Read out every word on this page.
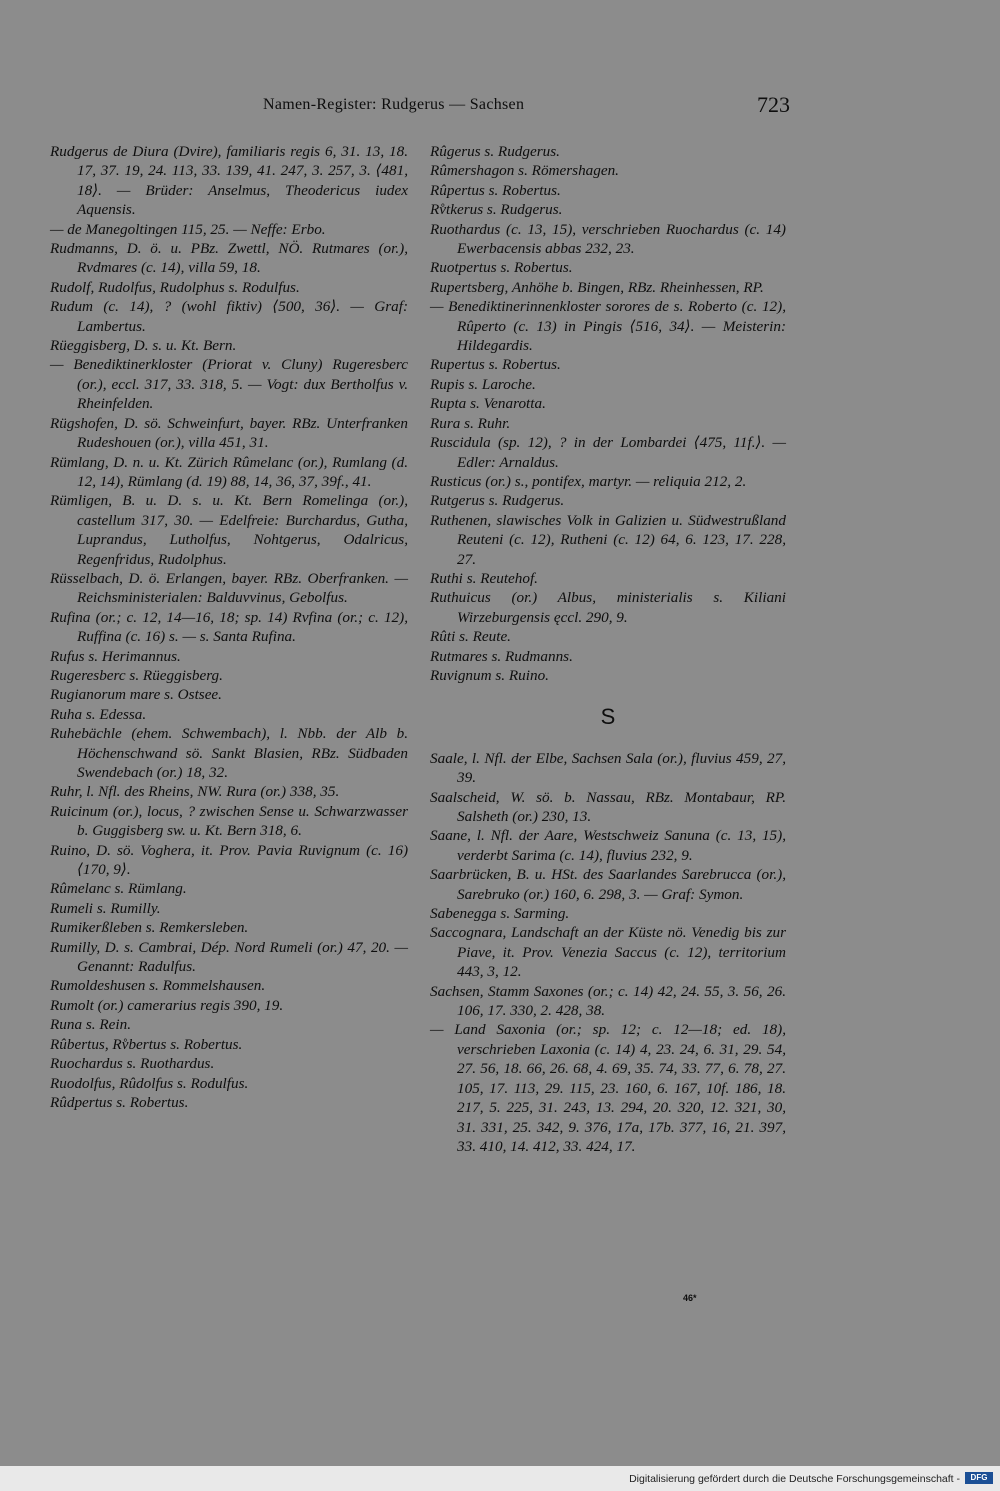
Namen-Register: Rudgerus — Sachsen	723

Rudgerus de Diura (Dvire), familiaris regis 6, 31. 13, 18. 17, 37. 19, 24. 113, 33. 139, 41. 247, 3. 257, 3. ⟨481, 18⟩. — Brüder: Anselmus, Theodericus iudex Aquensis.

— de Manegoltingen 115, 25. — Neffe: Erbo.

Rudmanns, D. ö. u. PBz. Zwettl, NÖ. Rutmares (or.), Rvdmares (c. 14), villa 59, 18.

Rudolf, Rudolfus, Rudolphus s. Rodulfus.

Rudum (c. 14), ? (wohl fiktiv) ⟨500, 36⟩. — Graf: Lambertus.

Rüeggisberg, D. s. u. Kt. Bern.

— Benediktinerkloster (Priorat v. Cluny) Rugeresberc (or.), eccl. 317, 33. 318, 5. — Vogt: dux Bertholfus v. Rheinfelden.

Rügshofen, D. sö. Schweinfurt, bayer. RBz. Unterfranken Rudeshouen (or.), villa 451, 31.

Rümlang, D. n. u. Kt. Zürich Rûmelanc (or.), Rumlang (d. 12, 14), Rümlang (d. 19) 88, 14, 36, 37, 39f., 41.

Rümligen, B. u. D. s. u. Kt. Bern Romelinga (or.), castellum 317, 30. — Edelfreie: Burchardus, Gutha, Luprandus, Lutholfus, Nohtgerus, Odalricus, Regenfridus, Rudolphus.

Rüsselbach, D. ö. Erlangen, bayer. RBz. Oberfranken. — Reichsministerialen: Balduvvinus, Gebolfus.

Rufina (or.; c. 12, 14—16, 18; sp. 14) Rvfina (or.; c. 12), Ruffina (c. 16) s. — s. Santa Rufina.

Rufus s. Herimannus.

Rugeresberc s. Rüeggisberg.

Rugianorum mare s. Ostsee.

Ruha s. Edessa.

Ruhebächle (ehem. Schwembach), l. Nbb. der Alb b. Höchenschwand sö. Sankt Blasien, RBz. Südbaden Swendebach (or.) 18, 32.

Ruhr, l. Nfl. des Rheins, NW. Rura (or.) 338, 35.

Ruicinum (or.), locus, ? zwischen Sense u. Schwarzwasser b. Guggisberg sw. u. Kt. Bern 318, 6.

Ruino, D. sö. Voghera, it. Prov. Pavia Ruvignum (c. 16) ⟨170, 9⟩.

Rûmelanc s. Rümlang.

Rumeli s. Rumilly.

Rumikerßleben s. Remkersleben.

Rumilly, D. s. Cambrai, Dép. Nord Rumeli (or.) 47, 20. — Genannt: Radulfus.

Rumoldeshusen s. Rommelshausen.

Rumolt (or.) camerarius regis 390, 19.

Runa s. Rein.

Rûbertus, Rv̊bertus s. Robertus.

Ruochardus s. Ruothardus.

Ruodolfus, Rûdolfus s. Rodulfus.

Rûdpertus s. Robertus.

Rûgerus s. Rudgerus.

Rûmershagon s. Römershagen.

Rûpertus s. Robertus.

Rv̊tkerus s. Rudgerus.

Ruothardus (c. 13, 15), verschrieben Ruochardus (c. 14) Ewerbacensis abbas 232, 23.

Ruotpertus s. Robertus.

Rupertsberg, Anhöhe b. Bingen, RBz. Rheinhessen, RP.

— Benediktinerinnenkloster sorores de s. Roberto (c. 12), Rûperto (c. 13) in Pingis ⟨516, 34⟩. — Meisterin: Hildegardis.

Rupertus s. Robertus.

Rupis s. Laroche.

Rupta s. Venarotta.

Rura s. Ruhr.

Ruscidula (sp. 12), ? in der Lombardei ⟨475, 11f.⟩. — Edler: Arnaldus.

Rusticus (or.) s., pontifex, martyr. — reliquia 212, 2.

Rutgerus s. Rudgerus.

Ruthenen, slawisches Volk in Galizien u. Südwestrußland Reuteni (c. 12), Rutheni (c. 12) 64, 6. 123, 17. 228, 27.

Ruthi s. Reutehof.

Ruthuicus (or.) Albus, ministerialis s. Kiliani Wirzeburgensis ęccl. 290, 9.

Rûti s. Reute.

Rutmares s. Rudmanns.

Ruvignum s. Ruino.

S

Saale, l. Nfl. der Elbe, Sachsen Sala (or.), fluvius 459, 27, 39.

Saalscheid, W. sö. b. Nassau, RBz. Montabaur, RP. Salsheth (or.) 230, 13.

Saane, l. Nfl. der Aare, Westschweiz Sanuna (c. 13, 15), verderbt Sarima (c. 14), fluvius 232, 9.

Saarbrücken, B. u. HSt. des Saarlandes Sarebrucca (or.), Sarebruko (or.) 160, 6. 298, 3. — Graf: Symon.

Sabenegga s. Sarming.

Saccognara, Landschaft an der Küste nö. Venedig bis zur Piave, it. Prov. Venezia Saccus (c. 12), territorium 443, 3, 12.

Sachsen, Stamm Saxones (or.; c. 14) 42, 24. 55, 3. 56, 26. 106, 17. 330, 2. 428, 38.

— Land Saxonia (or.; sp. 12; c. 12—18; ed. 18), verschrieben Laxonia (c. 14) 4, 23. 24, 6. 31, 29. 54, 27. 56, 18. 66, 26. 68, 4. 69, 35. 74, 33. 77, 6. 78, 27. 105, 17. 113, 29. 115, 23. 160, 6. 167, 10f. 186, 18. 217, 5. 225, 31. 243, 13. 294, 20. 320, 12. 321, 30, 31. 331, 25. 342, 9. 376, 17a, 17b. 377, 16, 21. 397, 33. 410, 14. 412, 33. 424, 17.

46*
Digitalisierung gefördert durch die Deutsche Forschungsgemeinschaft -	DFG
